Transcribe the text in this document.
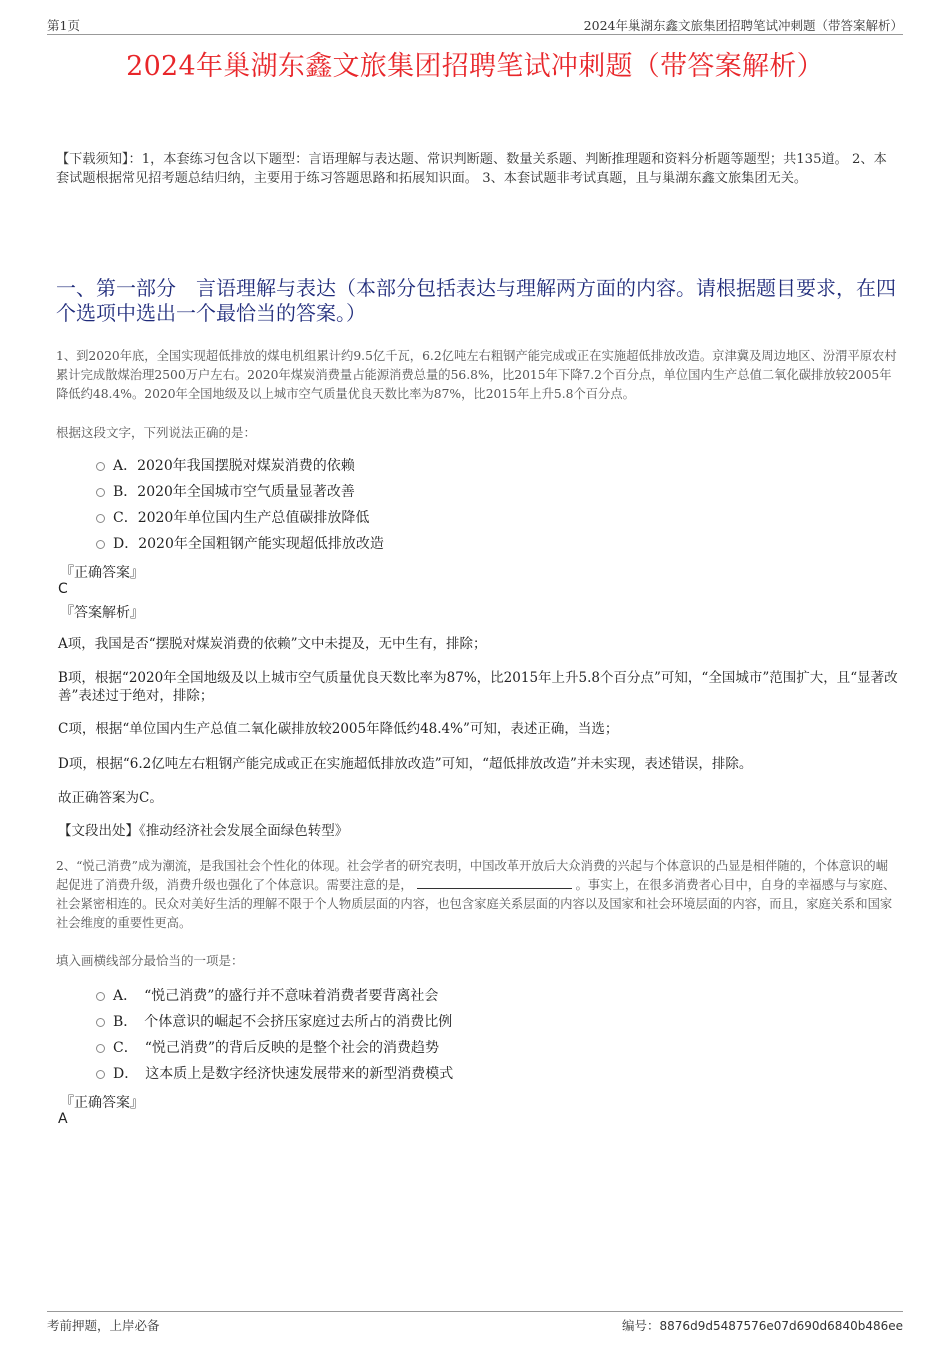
第1页	2024年巢湖东鑫文旅集团招聘笔试冲刺题（带答案解析）
2024年巢湖东鑫文旅集团招聘笔试冲刺题（带答案解析）
【下载须知】：1，本套练习包含以下题型：言语理解与表达题、常识判断题、数量关系题、判断推理题和资料分析题等题型；共135道。 2、本套试题根据常见招考题总结归纳，主要用于练习答题思路和拓展知识面。 3、本套试题非考试真题，且与巢湖东鑫文旅集团无关。
一、第一部分　言语理解与表达（本部分包括表达与理解两方面的内容。请根据题目要求，在四个选项中选出一个最恰当的答案。）
1、到2020年底，全国实现超低排放的煤电机组累计约9.5亿千瓦，6.2亿吨左右粗钢产能完成或正在实施超低排放改造。京津冀及周边地区、汾渭平原农村累计完成散煤治理2500万户左右。2020年煤炭消费量占能源消费总量的56.8%，比2015年下降7.2个百分点，单位国内生产总值二氧化碳排放较2005年降低约48.4%。2020年全国地级及以上城市空气质量优良天数比率为87%，比2015年上升5.8个百分点。
根据这段文字，下列说法正确的是：
A．2020年我国摆脱对煤炭消费的依赖
B．2020年全国城市空气质量显著改善
C．2020年单位国内生产总值碳排放降低
D．2020年全国粗钢产能实现超低排放改造
『正确答案』
C
『答案解析』
A项，我国是否“摆脱对煤炭消费的依赖”文中未提及，无中生有，排除；
B项，根据“2020年全国地级及以上城市空气质量优良天数比率为87%，比2015年上升5.8个百分点”可知，“全国城市”范围扩大，且“显著改善”表述过于绝对，排除；
C项，根据“单位国内生产总值二氧化碳排放较2005年降低约48.4%”可知，表述正确，当选；
D项，根据“6.2亿吨左右粗钢产能完成或正在实施超低排放改造”可知，“超低排放改造”并未实现，表述错误，排除。
故正确答案为C。
【文段出处】《推动经济社会发展全面绿色转型》
2、“悦己消费”成为潮流，是我国社会个性化的体现。社会学者的研究表明，中国改革开放后大众消费的兴起与个体意识的凸显是相伴随的，个体意识的崛起促进了消费升级，消费升级也强化了个体意识。需要注意的是，	。事实上，在很多消费者心目中，自身的幸福感与与家庭、社会紧密相连的。民众对美好生活的理解不限于个人物质层面的内容，也包含家庭关系层面的内容以及国家和社会环境层面的内容，而且，家庭关系和国家社会维度的重要性更高。
填入画横线部分最恰当的一项是：
A．　“悦己消费”的盛行并不意味着消费者要背离社会
B．　个体意识的崛起不会挤压家庭过去所占的消费比例
C．　“悦己消费”的背后反映的是整个社会的消费趋势
D．　这本质上是数字经济快速发展带来的新型消费模式
『正确答案』
A
考前押题，上岸必备	编号：8876d9d5487576e07d690d6840b486ee
